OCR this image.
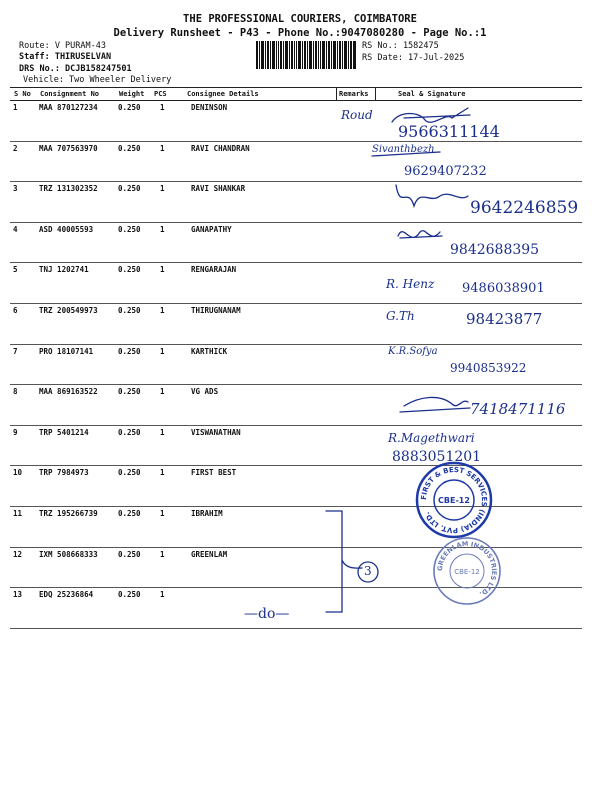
THE PROFESSIONAL COURIERS, COIMBATORE
Delivery Runsheet - P43 - Phone No.:9047080280 - Page No.:1
Route: V PURAM-43
Staff: THIRUSELVAN
DRS No.: DCJB158247501
Vehicle: Two Wheeler Delivery
RS No.: 1582475
RS Date: 17-Jul-2025
S No Consignment No	Weight PCS	Consignee Details	Remarks	Seal & Signature
1	MAA 870127234	0.250	1	DENINSON
2	MAA 707563970	0.250	1	RAVI CHANDRAN
3	TRZ 131302352	0.250	1	RAVI SHANKAR
4	ASD 40005593	0.250	1	GANAPATHY
5	TNJ 1202741	0.250	1	RENGARAJAN
6	TRZ 200549973	0.250	1	THIRUGNANAM
7	PRO 18107141	0.250	1	KARTHICK
8	MAA 869163522	0.250	1	VG ADS
9	TRP 5401214	0.250	1	VISWANATHAN
10 TRP 7984973	0.250	1	FIRST BEST
11 TRZ 195266739	0.250	1	IBRAHIM
12 IXM 508668333	0.250	1	GREENLAM
13 EDQ 25236864	0.250	1
Roud
9566311144
Sivanthbezh
9629407232
9642246859
9842688395
R. Henz 9486038901
G.Th	98423877
K.R.Sofya
9940853922
7418471116
R.Magethwari
8883051201
3
—do—
FIRST & BEST SERVICES (INDIA) PVT. LTD.
CBE-12
GREENLAM INDUSTRIES LTD.
CBE-12
